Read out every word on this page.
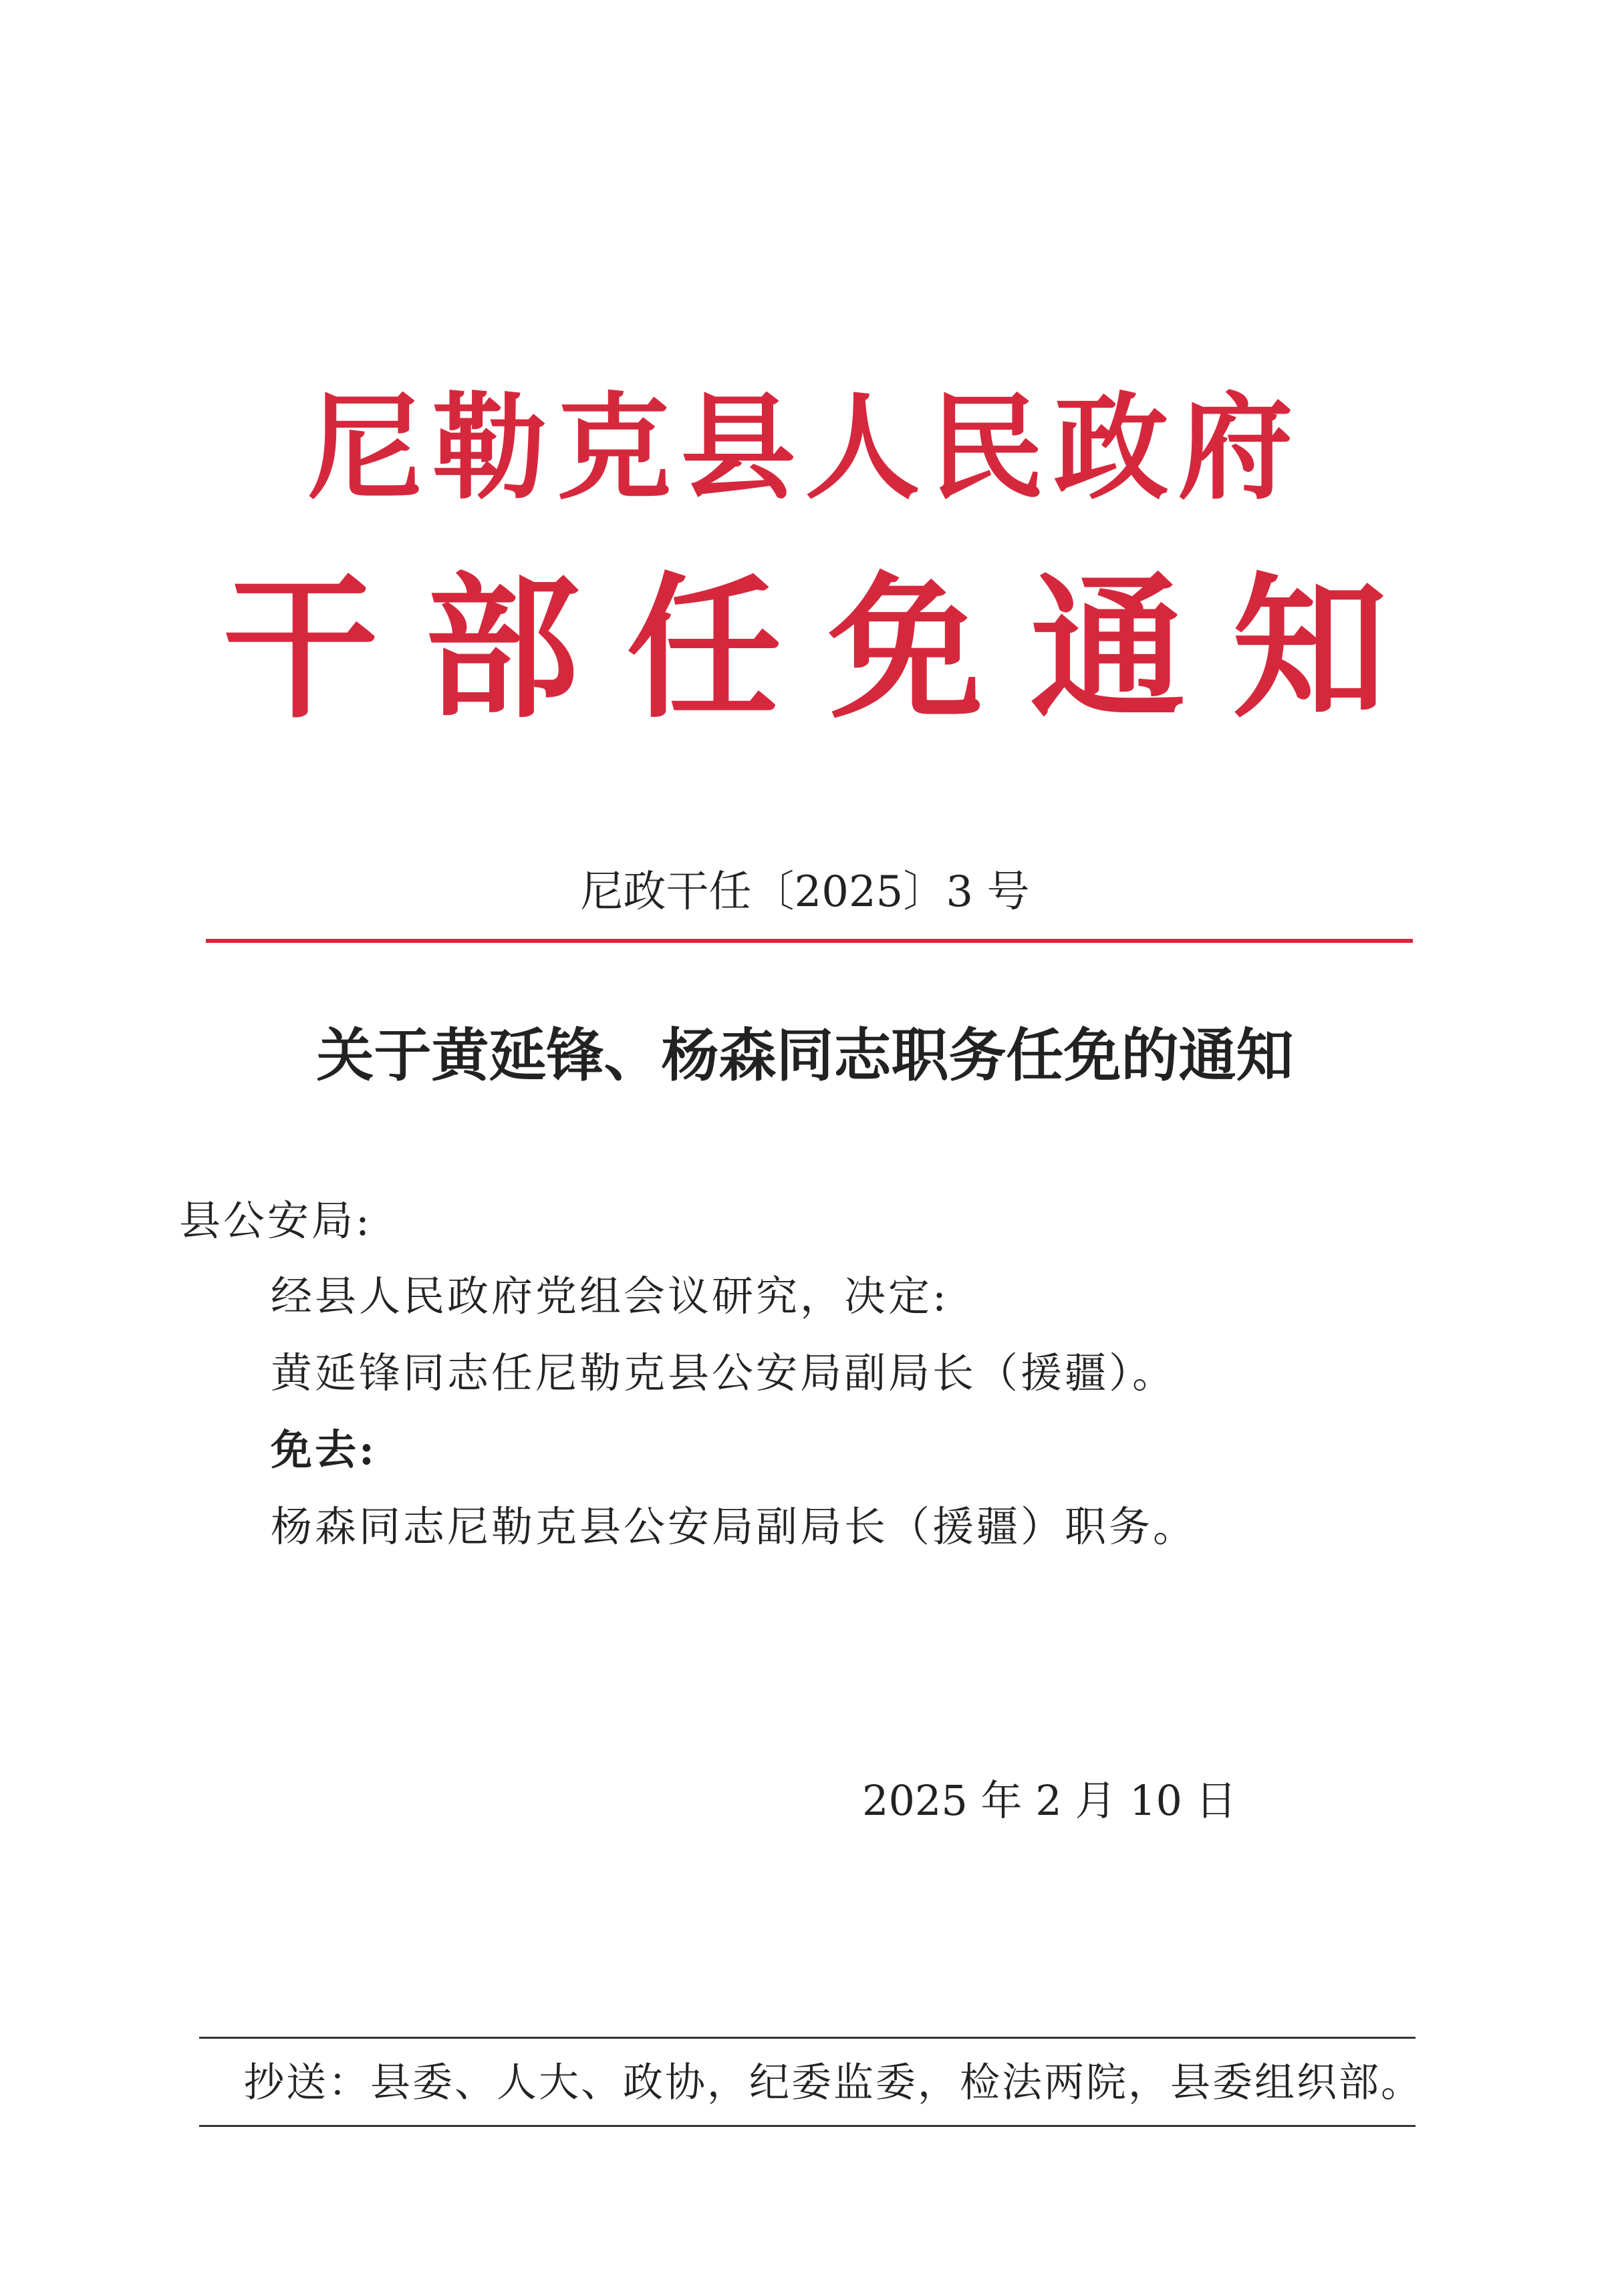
尼勒克县人民政府
干部任免通知
尼政干任〔2025〕3 号
关于黄延锋、杨森同志职务任免的通知
县公安局:
经县人民政府党组会议研究，决定:
黄延锋同志任尼勒克县公安局副局长（援疆）。
免去:
杨森同志尼勒克县公安局副局长（援疆）职务。
2025 年 2 月 10 日
抄送：县委、人大、政协，纪委监委，检法两院，县委组织部。
